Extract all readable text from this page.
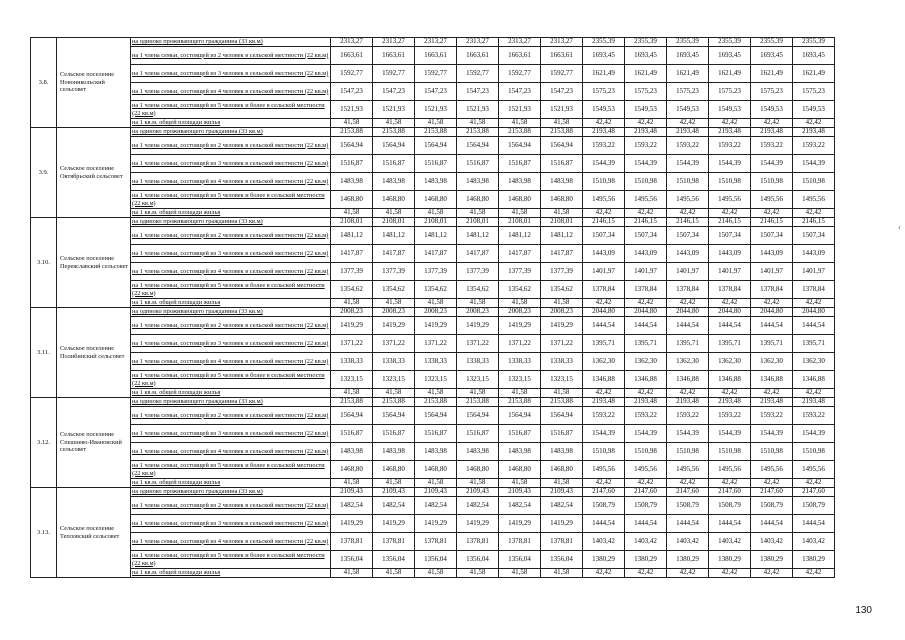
3.8.	Сельское поселение Новоникольский сельсовет	на одиноко проживающего гражданина (33 кв.м)	2313,27	2313,27	2313,27	2313,27	2313,27	2313,27	2355,39	2355,39	2355,39	2355,39	2355,39	2355,39
		на 1 члена семьи, состоящей из 2 человек в сельской местности (22 кв.м)	1663,61	1663,61	1663,61	1663,61	1663,61	1663,61	1693,45	1693,45	1693,45	1693,45	1693,45	1693,45
		на 1 члена семьи, состоящей из 3 человек в сельской местности (22 кв.м)	1592,77	1592,77	1592,77	1592,77	1592,77	1592,77	1621,49	1621,49	1621,49	1621,49	1621,49	1621,49
		на 1 члена семьи, состоящей из 4 человек в сельской местности (22 кв.м)	1547,23	1547,23	1547,23	1547,23	1547,23	1547,23	1575,23	1575,23	1575,23	1575,23	1575,23	1575,23
		на 1 члена семьи, состоящей из 5 человек и более в сельской местности (22 кв.м)	1521,93	1521,93	1521,93	1521,93	1521,93	1521,93	1549,53	1549,53	1549,53	1549,53	1549,53	1549,53
		на 1 кв.м. общей площади жилья	41,58	41,58	41,58	41,58	41,58	41,58	42,42	42,42	42,42	42,42	42,42	42,42
3.9.	Сельское поселение Октябрьский сельсовет	на одиноко проживающего гражданина (33 кв.м)	2153,88	2153,88	2153,88	2153,88	2153,88	2153,88	2193,48	2193,48	2193,48	2193,48	2193,48	2193,48
		на 1 члена семьи, состоящей из 2 человек в сельской местности (22 кв.м)	1564,94	1564,94	1564,94	1564,94	1564,94	1564,94	1593,22	1593,22	1593,22	1593,22	1593,22	1593,22
		на 1 члена семьи, состоящей из 3 человек в сельской местности (22 кв.м)	1516,87	1516,87	1516,87	1516,87	1516,87	1516,87	1544,39	1544,39	1544,39	1544,39	1544,39	1544,39
		на 1 члена семьи, состоящей из 4 человек в сельской местности (22 кв.м)	1483,98	1483,98	1483,98	1483,98	1483,98	1483,98	1510,98	1510,98	1510,98	1510,98	1510,98	1510,98
		на 1 члена семьи, состоящей из 5 человек и более в сельской местности (22 кв.м)	1468,80	1468,80	1468,80	1468,80	1468,80	1468,80	1495,56	1495,56	1495,56	1495,56	1495,56	1495,56
		на 1 кв.м. общей площади жилья	41,58	41,58	41,58	41,58	41,58	41,58	42,42	42,42	42,42	42,42	42,42	42,42
3.10.	Сельское поселение Переяславский сельсовет	на одиноко проживающего гражданина (33 кв.м)	2108,01	2108,01	2108,01	2108,01	2108,01	2108,01	2146,15	2146,15	2146,15	2146,15	2146,15	2146,15
		на 1 члена семьи, состоящей из 2 человек в сельской местности (22 кв.м)	1481,12	1481,12	1481,12	1481,12	1481,12	1481,12	1507,34	1507,34	1507,34	1507,34	1507,34	1507,34
		на 1 члена семьи, состоящей из 3 человек в сельской местности (22 кв.м)	1417,87	1417,87	1417,87	1417,87	1417,87	1417,87	1443,09	1443,09	1443,09	1443,09	1443,09	1443,09
		на 1 члена семьи, состоящей из 4 человек в сельской местности (22 кв.м)	1377,39	1377,39	1377,39	1377,39	1377,39	1377,39	1401,97	1401,97	1401,97	1401,97	1401,97	1401,97
		на 1 члена семьи, состоящей из 5 человек и более в сельской местности (22 кв.м)	1354,62	1354,62	1354,62	1354,62	1354,62	1354,62	1378,84	1378,84	1378,84	1378,84	1378,84	1378,84
		на 1 кв.м. общей площади жилья	41,58	41,58	41,58	41,58	41,58	41,58	42,42	42,42	42,42	42,42	42,42	42,42
3.11.	Сельское поселение Полибинский сельсовет	на одиноко проживающего гражданина (33 кв.м)	2008,23	2008,23	2008,23	2008,23	2008,23	2008,23	2044,80	2044,80	2044,80	2044,80	2044,80	2044,80
		на 1 члена семьи, состоящей из 2 человек в сельской местности (22 кв.м)	1419,29	1419,29	1419,29	1419,29	1419,29	1419,29	1444,54	1444,54	1444,54	1444,54	1444,54	1444,54
		на 1 члена семьи, состоящей из 3 человек в сельской местности (22 кв.м)	1371,22	1371,22	1371,22	1371,22	1371,22	1371,22	1395,71	1395,71	1395,71	1395,71	1395,71	1395,71
		на 1 члена семьи, состоящей из 4 человек в сельской местности (22 кв.м)	1338,33	1338,33	1338,33	1338,33	1338,33	1338,33	1362,30	1362,30	1362,30	1362,30	1362,30	1362,30
		на 1 члена семьи, состоящей из 5 человек и более в сельской местности (22 кв.м)	1323,15	1323,15	1323,15	1323,15	1323,15	1323,15	1346,88	1346,88	1346,88	1346,88	1346,88	1346,88
		на 1 кв.м. общей площади жилья	41,58	41,58	41,58	41,58	41,58	41,58	42,42	42,42	42,42	42,42	42,42	42,42
3.12.	Сельское поселение Спешнево-Ивановский сельсовет	на одиноко проживающего гражданина (33 кв.м)	2153,88	2153,88	2153,88	2153,88	2153,88	2153,88	2193,48	2193,48	2193,48	2193,48	2193,48	2193,48
		на 1 члена семьи, состоящей из 2 человек в сельской местности (22 кв.м)	1564,94	1564,94	1564,94	1564,94	1564,94	1564,94	1593,22	1593,22	1593,22	1593,22	1593,22	1593,22
		на 1 члена семьи, состоящей из 3 человек в сельской местности (22 кв.м)	1516,87	1516,87	1516,87	1516,87	1516,87	1516,87	1544,39	1544,39	1544,39	1544,39	1544,39	1544,39
		на 1 члена семьи, состоящей из 4 человек в сельской местности (22 кв.м)	1483,98	1483,98	1483,98	1483,98	1483,98	1483,98	1510,98	1510,98	1510,98	1510,98	1510,98	1510,98
		на 1 члена семьи, состоящей из 5 человек и более в сельской местности (22 кв.м)	1468,80	1468,80	1468,80	1468,80	1468,80	1468,80	1495,56	1495,56	1495,56	1495,56	1495,56	1495,56
		на 1 кв.м. общей площади жилья	41,58	41,58	41,58	41,58	41,58	41,58	42,42	42,42	42,42	42,42	42,42	42,42
3.13.	Сельское поселение Тепловский сельсовет	на одиноко проживающего гражданина (33 кв.м)	2109,43	2109,43	2109,43	2109,43	2109,43	2109,43	2147,60	2147,60	2147,60	2147,60	2147,60	2147,60
		на 1 члена семьи, состоящей из 2 человек в сельской местности (22 кв.м)	1482,54	1482,54	1482,54	1482,54	1482,54	1482,54	1508,79	1508,79	1508,79	1508,79	1508,79	1508,79
		на 1 члена семьи, состоящей из 3 человек в сельской местности (22 кв.м)	1419,29	1419,29	1419,29	1419,29	1419,29	1419,29	1444,54	1444,54	1444,54	1444,54	1444,54	1444,54
		на 1 члена семьи, состоящей из 4 человек в сельской местности (22 кв.м)	1378,81	1378,81	1378,81	1378,81	1378,81	1378,81	1403,42	1403,42	1403,42	1403,42	1403,42	1403,42
		на 1 члена семьи, состоящей из 5 человек и более в сельской местности (22 кв.м)	1356,04	1356,04	1356,04	1356,04	1356,04	1356,04	1380,29	1380,29	1380,29	1380,29	1380,29	1380,29
		на 1 кв.м. общей площади жилья	41,58	41,58	41,58	41,58	41,58	41,58	42,42	42,42	42,42	42,42	42,42	42,42
130
‹
